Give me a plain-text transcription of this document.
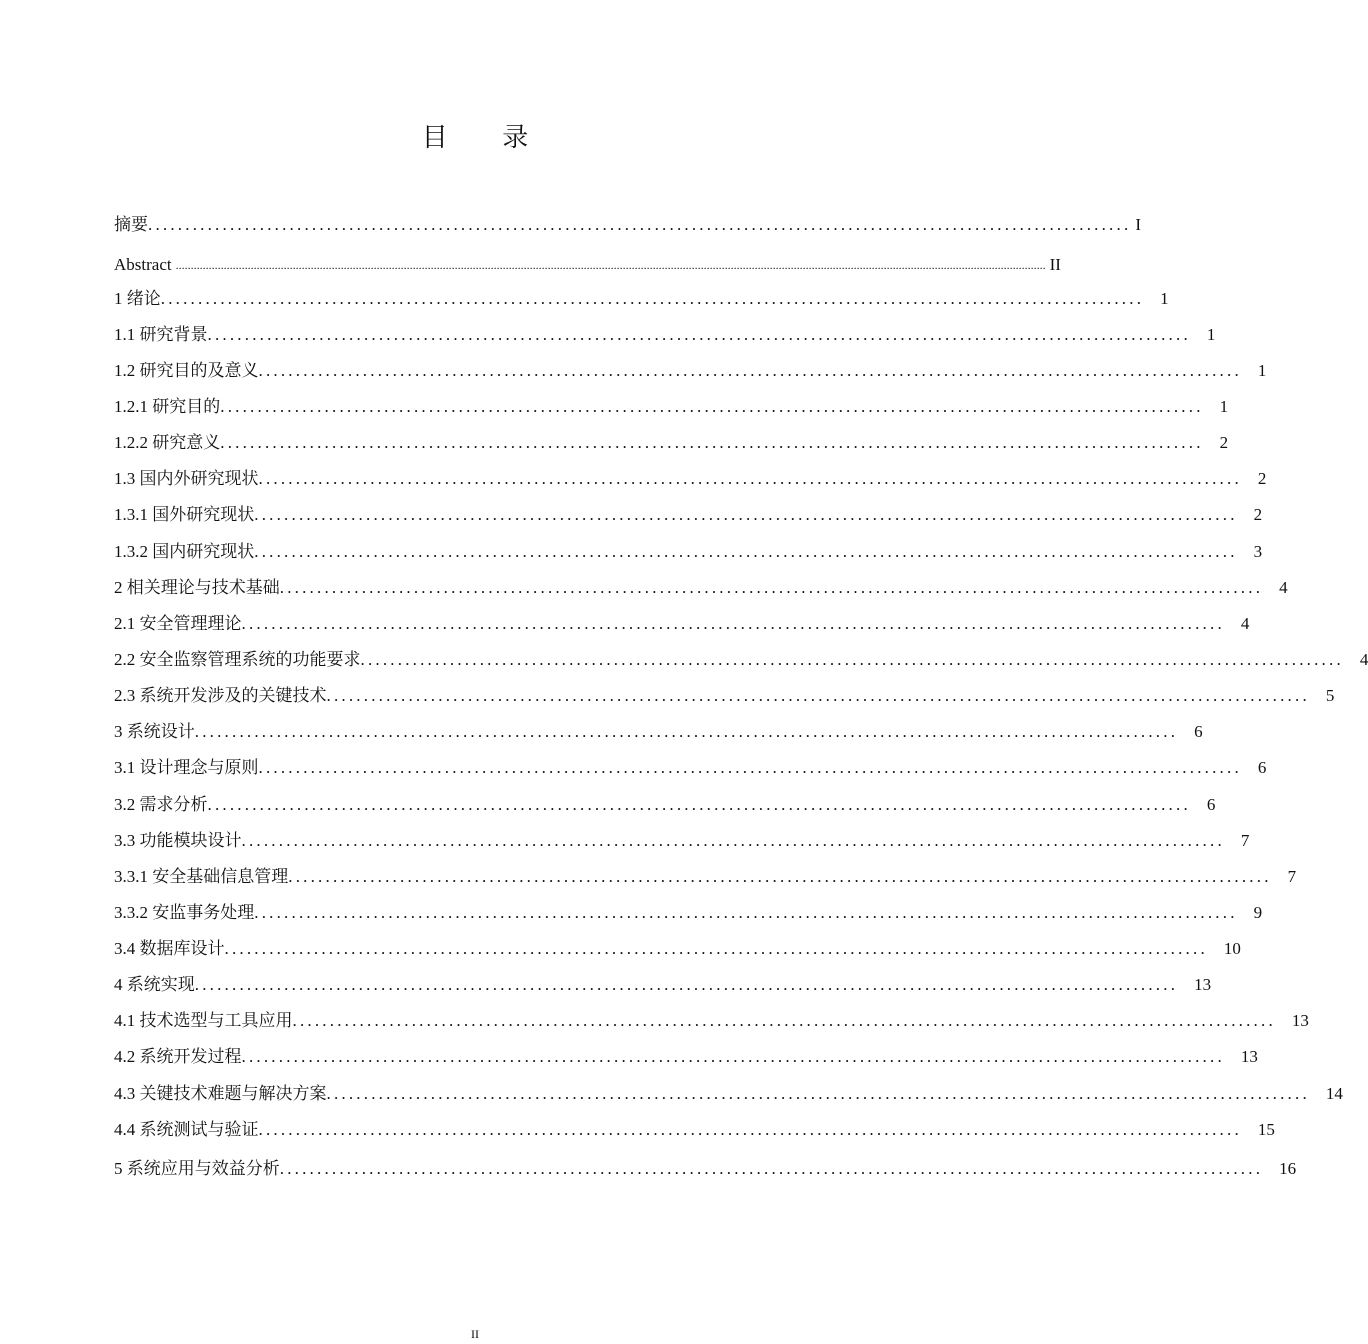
目 录
摘要 .................................................................................................................................... I
Abstract .................................................................................................................................................................................................................................................................................................. II
1 绪论 .................................................................................................................................... 1
1.1 研究背景 .................................................................................................................................... 1
1.2 研究目的及意义 .................................................................................................................................... 1
1.2.1 研究目的 .................................................................................................................................... 1
1.2.2 研究意义 .................................................................................................................................... 2
1.3 国内外研究现状 .................................................................................................................................... 2
1.3.1 国外研究现状 .................................................................................................................................... 2
1.3.2 国内研究现状 .................................................................................................................................... 3
2 相关理论与技术基础 .................................................................................................................................... 4
2.1 安全管理理论 .................................................................................................................................... 4
2.2 安全监察管理系统的功能要求 .................................................................................................................................... 4
2.3 系统开发涉及的关键技术 .................................................................................................................................... 5
3 系统设计 .................................................................................................................................... 6
3.1 设计理念与原则 .................................................................................................................................... 6
3.2 需求分析 .................................................................................................................................... 6
3.3 功能模块设计 .................................................................................................................................... 7
3.3.1 安全基础信息管理 .................................................................................................................................... 7
3.3.2 安监事务处理 .................................................................................................................................... 9
3.4 数据库设计 .................................................................................................................................... 10
4 系统实现 .................................................................................................................................... 13
4.1 技术选型与工具应用 .................................................................................................................................... 13
4.2 系统开发过程 .................................................................................................................................... 13
4.3 关键技术难题与解决方案 .................................................................................................................................... 14
4.4 系统测试与验证 .................................................................................................................................... 15
5 系统应用与效益分析 .................................................................................................................................... 16
II
